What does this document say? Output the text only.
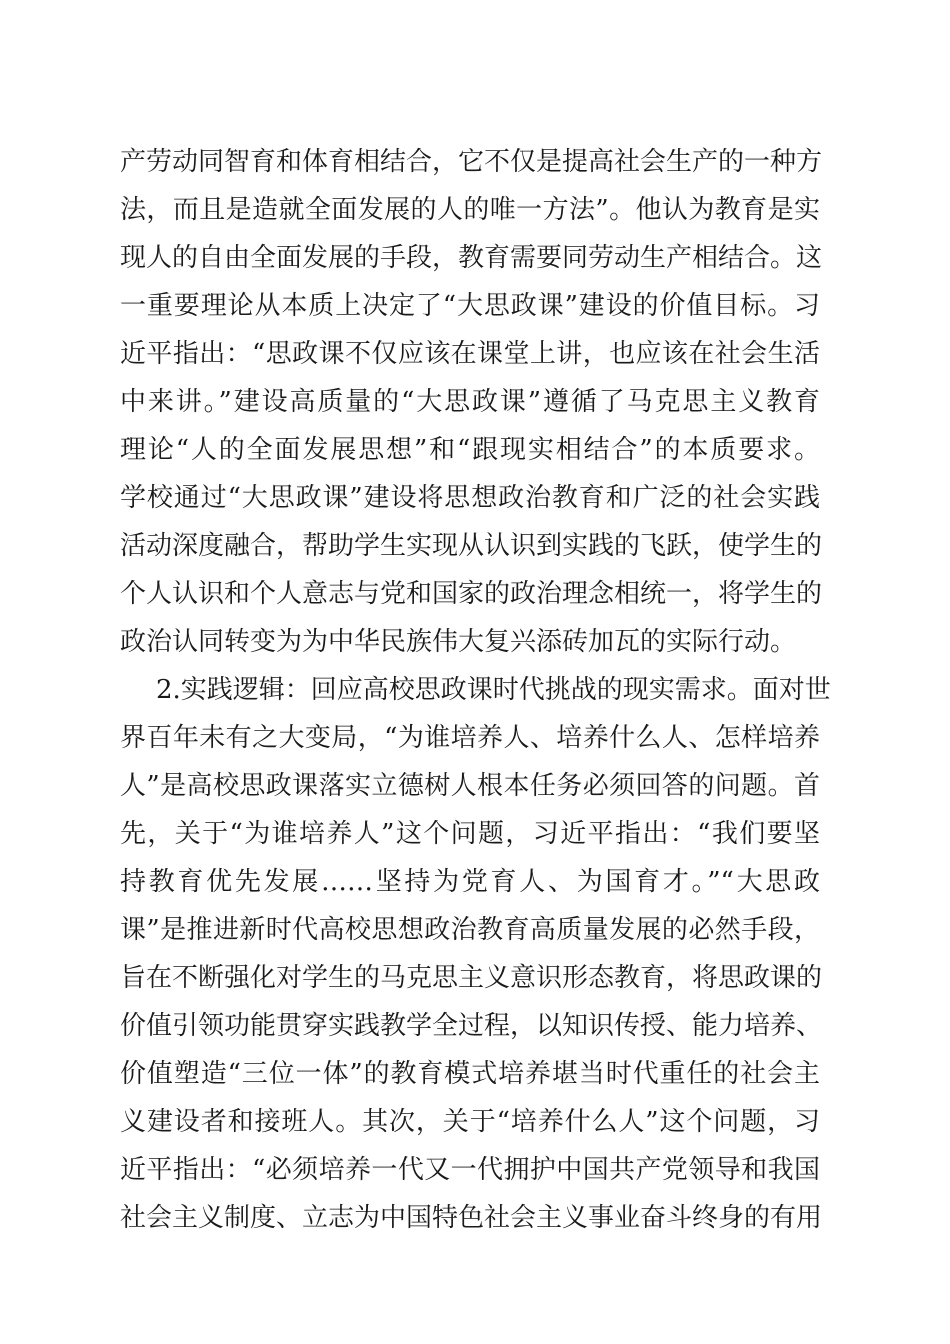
产劳动同智育和体育相结合，它不仅是提高社会生产的一种方
法，而且是造就全面发展的人的唯一方法”。他认为教育是实
现人的自由全面发展的手段，教育需要同劳动生产相结合。这
一重要理论从本质上决定了“大思政课”建设的价值目标。习
近平指出：“思政课不仅应该在课堂上讲，也应该在社会生活
中来讲。”建设高质量的“大思政课”遵循了马克思主义教育
理论“人的全面发展思想”和“跟现实相结合”的本质要求。
学校通过“大思政课”建设将思想政治教育和广泛的社会实践
活动深度融合，帮助学生实现从认识到实践的飞跃，使学生的
个人认识和个人意志与党和国家的政治理念相统一，将学生的
政治认同转变为为中华民族伟大复兴添砖加瓦的实际行动。
2.实践逻辑：回应高校思政课时代挑战的现实需求。面对世
界百年未有之大变局，“为谁培养人、培养什么人、怎样培养
人”是高校思政课落实立德树人根本任务必须回答的问题。首
先，关于“为谁培养人”这个问题，习近平指出：“我们要坚
持教育优先发展……坚持为党育人、为国育才。”“大思政
课”是推进新时代高校思想政治教育高质量发展的必然手段，
旨在不断强化对学生的马克思主义意识形态教育，将思政课的
价值引领功能贯穿实践教学全过程，以知识传授、能力培养、
价值塑造“三位一体”的教育模式培养堪当时代重任的社会主
义建设者和接班人。其次，关于“培养什么人”这个问题，习
近平指出：“必须培养一代又一代拥护中国共产党领导和我国
社会主义制度、立志为中国特色社会主义事业奋斗终身的有用
